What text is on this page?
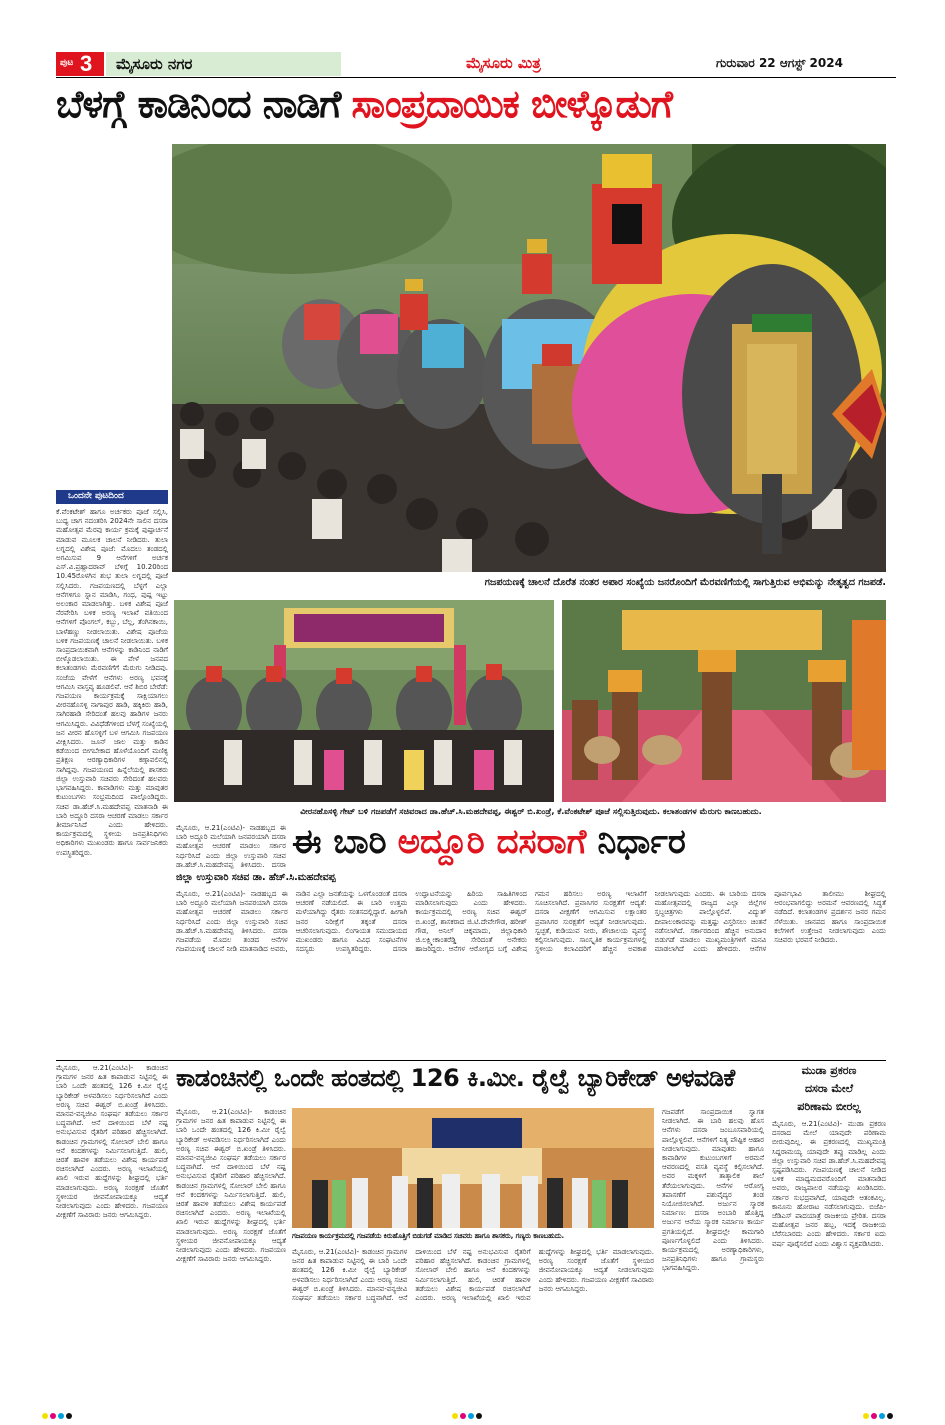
ಪುಟ 3 ಮೈಸೂರು ನಗರ	ಮೈಸೂರು ಮಿತ್ರ	ಗುರುವಾರ 22 ಆಗಸ್ಟ್ 2024
ಬೆಳಗ್ಗೆ ಕಾಡಿನಿಂದ ನಾಡಿಗೆ ಸಾಂಪ್ರದಾಯಿಕ ಬೀಳ್ಕೊಡುಗೆ
ಒಂದನೇ ಪುಟದಿಂದ
ಕೆ.ವೆಂಕಟೇಶ್ ಹಾಗೂ ಅರ್ಚಕರು ಪೂಜೆ ಸಲ್ಲಿಸಿ, ಬುಧ್ಯ ಚಾಗ ನದಂತರಿಸಿ 2024ನೇ ಸಾಲಿನ ದಸರಾ ಮಹೋತ್ಸವ ಮೆರವು ಕಾರ್ಯ ಕ್ರಮಕ್ಕೆ ಪುಷ್ಪಾರ್ಚನೆ ಮಾಡುವ ಮೂಲಕ ಚಾಲನೆ ನೀಡಿದರು. ತುಲಾ ಲಗ್ನದಲ್ಲಿ ವಿಶೇಷ ಪೂಜೆ: ಮೊದಲು ತಂಡದಲ್ಲಿ ಅಗಮಿಸುವ 9 ಆನೆಗಳಿಗೆ ಅರ್ಚಕ ಎಸ್.ವಿ.ಪ್ರಹ್ಲಾದರಾವ್ ಬೆಳಿಗ್ಗೆ 10.20ರಿಂದ 10.45ರೊಳಗಿನ ಶುಭ ತುಲಾ ಲಗ್ನದಲ್ಲಿ ಪೂಜೆ ಸಲ್ಲಿಸಿದರು. ಗಜಪಯಣದಲ್ಲಿ ಬೆಳ್ಳಗೆ ಎಲ್ಲಾ ಆನೆಗಳಿಗೂ ಸ್ನಾನ ಮಾಡಿಸಿ, ಗಂಧ, ಪುಷ್ಪ ಇಟ್ಟು ಅಲಂಕಾರ ಮಾಡಲಾಗಿತ್ತು. ಬಳಿಕ ವಿಶೇಷ ಪೂಜೆ ನೆರವೇರಿಸಿ ಬಳಿಕ ಅರಣ್ಯ ಇಲಾಖೆ ವತಿಯಿಂದ ಆನೆಗಳಿಗೆ ಪೊಂಗಲ್, ಕಬ್ಬು, ಬೆಲ್ಲ, ತೆಂಗಿನಕಾಯಿ, ಬಾಳೆಹಣ್ಣು ನೀಡಲಾಯಿತು. ವಿಶೇಷ ಪೂಜೆಯ ಬಳಿಕ ಗಜಪಯಣಕ್ಕೆ ಚಾಲನೆ ನೀಡಲಾಯಿತು. ಬಳಿಕ ಸಾಂಪ್ರದಾಯಿಕವಾಗಿ ಆನೆಗಳನ್ನು ಕಾಡಿನಿಂದ ನಾಡಿಗೆ ಬೀಳ್ಕೊಡಲಾಯಿತು. ಈ ವೇಳೆ ಜನಪದ ಕಲಾತಂಡಗಳು ಮೆರವಣಿಗೆಗೆ ಮೆರುಗು ನೀಡಿದವು. ಸಂಜೆಯ ವೇಳೆಗೆ ಆನೆಗಳು ಅರಣ್ಯ ಭವನಕ್ಕೆ ಆಗಮಿಸಿ ವಾಸ್ತವ್ಯ ಹೂಡಲಿವೆ. ಆನೆ ಶಿಬಿರ ಬೇರೆಡೆ: ಗಜಪಯಣ ಕಾರ್ಯಕ್ರಮಕ್ಕೆ ಸಾಕ್ಷಿಯಾಗಲು ವೀರನಹೊಸಳ್ಳಿ ನಾಗಾಪುರ ಹಾಡಿ, ಹಕ್ಕಿಕಿರು ಹಾಡಿ, ಸಾಗಿರಹಾಡಿ ಸೇರಿದಂತೆ ಹಲವು ಹಾಡಿಗಳ ಜನರು ಆಗಮಿಸಿದ್ದರು. ವಿವಿಧೆಡೆಗಳಿಂದ ಬೆಳಗ್ಗೆ ಸಂಖ್ಯೆಯಲ್ಲಿ ಜನ ವೀರನ ಹೊಸಳ್ಳಿಗೆ ಬಳ ಆಗಮಿಸಿ ಗಜಪಯಣ ವೀಕ್ಷಿಸಿದರು. ಜೂನ್ ಜಾಲ ಮತ್ತು ಕಾಡಿನ ಕಡೆಯಿಂದ ಬೀಗಬೇಕಾದ ಹೊಳೆಯೊಂದಿಗೆ ಮಣಿಕ್ಯ ಪ್ರತಿಕ್ಷಣ ಆರಣ್ಯಾಧಿಕಾರಿಗಳ ಕಣ್ಗಾವಲಿನಲ್ಲಿ ಸಾಗಿದ್ದವು. ಗಜಪಯಣದ ಹಿನ್ನೆಲೆಯಲ್ಲಿ ಶಾಸಕರು ಜಿಲ್ಲಾ ಉಸ್ತುವಾರಿ ಸಚಿವರು ಸೇರಿದಂತೆ ಹಲವರು ಭಾಗವಹಿಸಿದ್ದರು. ಕಾವಾಡಿಗಳು ಮತ್ತು ಮಾವುತರ ಕುಟುಂಬಗಳು ಸಂಭ್ರಮದಿಂದ ಪಾಲ್ಗೊಂಡಿದ್ದರು. ಸಚಿವ ಡಾ.ಹೆಚ್.ಸಿ.ಮಹದೇವಪ್ಪ ಮಾತನಾಡಿ ಈ ಬಾರಿ ಅದ್ದೂರಿ ದಸರಾ ಆಚರಣೆ ಮಾಡಲು ಸರ್ಕಾರ ತೀರ್ಮಾನಿಸಿದೆ ಎಂದು ಹೇಳಿದರು. ಕಾರ್ಯಕ್ರಮದಲ್ಲಿ ಸ್ಥಳೀಯ ಜನಪ್ರತಿನಿಧಿಗಳು ಅಧಿಕಾರಿಗಳು ಮುಖಂಡರು ಹಾಗೂ ಸಾರ್ವಜನಿಕರು ಉಪಸ್ಥಿತರಿದ್ದರು.
ಗಜಪಯಣಕ್ಕೆ ಚಾಲನೆ ದೊರೆತ ನಂತರ ಅಪಾರ ಸಂಖ್ಯೆಯ ಜನರೊಂದಿಗೆ ಮೆರವಣಿಗೆಯಲ್ಲಿ ಸಾಗುತ್ತಿರುವ ಅಭಿಮನ್ಯು ನೇತೃತ್ವದ ಗಜಪಡೆ.
ವೀರನಹೊಸಳ್ಳಿ ಗೇಟ್ ಬಳಿ ಗಜಪಡೆಗೆ ಸಚಿವರಾದ ಡಾ.ಹೆಚ್.ಸಿ.ಮಹದೇವಪ್ಪ, ಈಶ್ವರ್ ಬಿ.ಖಂಡ್ರೆ, ಕೆ.ವೆಂಕಟೇಶ್ ಪೂಜೆ ಸಲ್ಲಿಸುತ್ತಿರುವುದು. ಕಲಾತಂಡಗಳ ಮೆರುಗು ಕಾಣಬಹುದು.
ಈ ಬಾರಿ ಅದ್ದೂರಿ ದಸರಾಗೆ ನಿರ್ಧಾರ
ಜಿಲ್ಲಾ ಉಸ್ತುವಾರಿ ಸಚಿವ ಡಾ. ಹೆಚ್.ಸಿ.ಮಹದೇವಪ್ಪ
ಮೈಸೂರು, ಆ.21(ಎಂಟಿವಿ)- ನಾಡಹಬ್ಬದ ಈ ಬಾರಿ ಅದ್ದೂರಿ ಮಲೆಯಾಗಿ ಜನಪರಯಾಗಿ ದಸರಾ ಮಹೋತ್ಸವ ಆಚರಣೆ ಮಾಡಲು ಸರ್ಕಾರ ನಿರ್ಧರಿಸಿದೆ ಎಂದು ಜಿಲ್ಲಾ ಉಸ್ತುವಾರಿ ಸಚಿವ ಡಾ.ಹೆಚ್.ಸಿ.ಮಹದೇವಪ್ಪ ತಿಳಿಸಿದರು. ದಸರಾ
ಮೈಸೂರು, ಆ.21(ಎಂಟಿವಿ)- ನಾಡಹಬ್ಬದ ಈ ಬಾರಿ ಅದ್ದೂರಿ ಮಲೆಯಾಗಿ ಜನಪರಯಾಗಿ ದಸರಾ ಮಹೋತ್ಸವ ಆಚರಣೆ ಮಾಡಲು ಸರ್ಕಾರ ನಿರ್ಧರಿಸಿದೆ ಎಂದು ಜಿಲ್ಲಾ ಉಸ್ತುವಾರಿ ಸಚಿವ ಡಾ.ಹೆಚ್.ಸಿ.ಮಹದೇವಪ್ಪ ತಿಳಿಸಿದರು. ದಸರಾ ಗಜಪಡೆಯ ಮೊದಲ ತಂಡದ ಆನೆಗಳ ಗಜಪಯಣಕ್ಕೆ ಚಾಲನೆ ನೀಡಿ ಮಾತನಾಡಿದ ಅವರು, ನಾಡಿನ ಎಲ್ಲಾ ಜನತೆಯನ್ನು ಒಳಗೊಂಡಂತೆ ದಸರಾ ಆಚರಣೆ ನಡೆಯಲಿದೆ. ಈ ಬಾರಿ ಉತ್ತಮ ಮಳೆಯಾಗಿದ್ದು ರೈತರು ಸಂತಸದಲ್ಲಿದ್ದಾರೆ. ಹೀಗಾಗಿ ಜನರ ನಿರೀಕ್ಷೆಗೆ ತಕ್ಕಂತೆ ದಸರಾ ಆಚರಿಸಲಾಗುವುದು. ಲಿಂಗಾಯತ ಸಮುದಾಯದ ಮುಖಂಡರು ಹಾಗೂ ವಿವಿಧ ಸಂಘಟನೆಗಳ ಸದಸ್ಯರು ಉಪಸ್ಥಿತರಿದ್ದರು. ದಸರಾ ಉದ್ಘಾಟನೆಯನ್ನು ಹಿರಿಯ ಸಾಹಿತಿಗಳಿಂದ ಮಾಡಿಸಲಾಗುವುದು ಎಂದು ಹೇಳಿದರು. ಕಾರ್ಯಕ್ರಮದಲ್ಲಿ ಅರಣ್ಯ ಸಚಿವ ಈಶ್ವರ್ ಬಿ.ಖಂಡ್ರೆ, ಶಾಸಕರಾದ ಜಿ.ಟಿ.ದೇವೇಗೌಡ, ಹರೀಶ್ ಗೌಡ, ಅನಿಲ್ ಚಿಕ್ಕಮಾದು, ಜಿಲ್ಲಾಧಿಕಾರಿ ಜಿ.ಲಕ್ಷ್ಮೀಕಾಂತರೆಡ್ಡಿ ಸೇರಿದಂತೆ ಅನೇಕರು ಹಾಜರಿದ್ದರು. ಆನೆಗಳ ಆರೋಗ್ಯದ ಬಗ್ಗೆ ವಿಶೇಷ ಗಮನ ಹರಿಸಲು ಅರಣ್ಯ ಇಲಾಖೆಗೆ ಸೂಚಿಸಲಾಗಿದೆ. ಪ್ರವಾಸಿಗರ ಸುರಕ್ಷತೆಗೆ ಆದ್ಯತೆ: ದಸರಾ ವೀಕ್ಷಣೆಗೆ ಆಗಮಿಸುವ ಲಕ್ಷಾಂತರ ಪ್ರವಾಸಿಗರ ಸುರಕ್ಷತೆಗೆ ಆದ್ಯತೆ ನೀಡಲಾಗುವುದು. ಸ್ವಚ್ಛತೆ, ಕುಡಿಯುವ ನೀರು, ಶೌಚಾಲಯ ವ್ಯವಸ್ಥೆ ಕಲ್ಪಿಸಲಾಗುವುದು. ಸಾಂಸ್ಕೃತಿಕ ಕಾರ್ಯಕ್ರಮಗಳಲ್ಲಿ ಸ್ಥಳೀಯ ಕಲಾವಿದರಿಗೆ ಹೆಚ್ಚಿನ ಅವಕಾಶ ನೀಡಲಾಗುವುದು ಎಂದರು. ಈ ಬಾರಿಯ ದಸರಾ ಮಹೋತ್ಸವದಲ್ಲಿ ರಾಜ್ಯದ ಎಲ್ಲಾ ಜಿಲ್ಲೆಗಳ ಸ್ತಬ್ಧಚಿತ್ರಗಳು ಪಾಲ್ಗೊಳ್ಳಲಿವೆ. ವಿದ್ಯುತ್ ದೀಪಾಲಂಕಾರವನ್ನು ಮತ್ತಷ್ಟು ವಿಸ್ತರಿಸಲು ಚಿಂತನೆ ನಡೆಸಲಾಗಿದೆ. ಸರ್ಕಾರದಿಂದ ಹೆಚ್ಚಿನ ಅನುದಾನ ಬಿಡುಗಡೆ ಮಾಡಲು ಮುಖ್ಯಮಂತ್ರಿಗಳಿಗೆ ಮನವಿ ಮಾಡಲಾಗಿದೆ ಎಂದು ಹೇಳಿದರು. ಆನೆಗಳ ಪೂರ್ವಭಾವಿ ತಾಲೀಮು ಶೀಘ್ರದಲ್ಲಿ ಆರಂಭವಾಗಲಿದ್ದು ಅರಮನೆ ಆವರಣದಲ್ಲಿ ಸಿದ್ಧತೆ ನಡೆದಿದೆ. ಕಲಾತಂಡಗಳ ಪ್ರದರ್ಶನ ಜನರ ಗಮನ ಸೆಳೆಯಿತು. ಜಾನಪದ ಹಾಗೂ ಸಾಂಪ್ರದಾಯಿಕ ಕಲೆಗಳಿಗೆ ಉತ್ತೇಜನ ನೀಡಲಾಗುವುದು ಎಂದು ಸಚಿವರು ಭರವಸೆ ನೀಡಿದರು.
ಕಾಡಂಚಿನಲ್ಲಿ ಒಂದೇ ಹಂತದಲ್ಲಿ 126 ಕಿ.ಮೀ. ರೈಲ್ವೆ ಬ್ಯಾರಿಕೇಡ್ ಅಳವಡಿಕೆ
ಮೈಸೂರು, ಆ.21(ಎಂಟಿವಿ)- ಕಾಡಂಚಿನ ಗ್ರಾಮಗಳ ಜನರ ಹಿತ ಕಾಪಾಡುವ ನಿಟ್ಟಿನಲ್ಲಿ ಈ ಬಾರಿ ಒಂದೇ ಹಂತದಲ್ಲಿ 126 ಕಿ.ಮೀ ರೈಲ್ವೆ ಬ್ಯಾರಿಕೇಡ್ ಅಳವಡಿಸಲು ನಿರ್ಧರಿಸಲಾಗಿದೆ ಎಂದು ಅರಣ್ಯ ಸಚಿವ ಈಶ್ವರ್ ಬಿ.ಖಂಡ್ರೆ ತಿಳಿಸಿದರು. ಮಾನವ-ವನ್ಯಜೀವಿ ಸಂಘರ್ಷ ತಡೆಯಲು ಸರ್ಕಾರ ಬದ್ಧವಾಗಿದೆ. ಆನೆ ದಾಳಿಯಿಂದ ಬೆಳೆ ನಷ್ಟ ಅನುಭವಿಸುವ ರೈತರಿಗೆ ಪರಿಹಾರ ಹೆಚ್ಚಿಸಲಾಗಿದೆ. ಕಾಡಂಚಿನ ಗ್ರಾಮಗಳಲ್ಲಿ ಸೋಲಾರ್ ಬೇಲಿ ಹಾಗೂ ಆನೆ ಕಂದಕಗಳನ್ನು ನಿರ್ಮಿಸಲಾಗುತ್ತಿದೆ. ಹುಲಿ, ಚಿರತೆ ಹಾವಳಿ ತಡೆಯಲು ವಿಶೇಷ ಕಾರ್ಯಪಡೆ ರಚಿಸಲಾಗಿದೆ ಎಂದರು. ಅರಣ್ಯ ಇಲಾಖೆಯಲ್ಲಿ ಖಾಲಿ ಇರುವ ಹುದ್ದೆಗಳನ್ನು ಶೀಘ್ರದಲ್ಲಿ ಭರ್ತಿ ಮಾಡಲಾಗುವುದು. ಅರಣ್ಯ ಸಂರಕ್ಷಣೆ ಜೊತೆಗೆ ಸ್ಥಳೀಯರ ಜೀವನೋಪಾಯಕ್ಕೂ ಆದ್ಯತೆ ನೀಡಲಾಗುವುದು ಎಂದು ಹೇಳಿದರು. ಗಜಪಯಣ ವೀಕ್ಷಣೆಗೆ ಸಾವಿರಾರು ಜನರು ಆಗಮಿಸಿದ್ದರು.
ಮೈಸೂರು, ಆ.21(ಎಂಟಿವಿ)- ಕಾಡಂಚಿನ ಗ್ರಾಮಗಳ ಜನರ ಹಿತ ಕಾಪಾಡುವ ನಿಟ್ಟಿನಲ್ಲಿ ಈ ಬಾರಿ ಒಂದೇ ಹಂತದಲ್ಲಿ 126 ಕಿ.ಮೀ ರೈಲ್ವೆ ಬ್ಯಾರಿಕೇಡ್ ಅಳವಡಿಸಲು ನಿರ್ಧರಿಸಲಾಗಿದೆ ಎಂದು ಅರಣ್ಯ ಸಚಿವ ಈಶ್ವರ್ ಬಿ.ಖಂಡ್ರೆ ತಿಳಿಸಿದರು. ಮಾನವ-ವನ್ಯಜೀವಿ ಸಂಘರ್ಷ ತಡೆಯಲು ಸರ್ಕಾರ ಬದ್ಧವಾಗಿದೆ. ಆನೆ ದಾಳಿಯಿಂದ ಬೆಳೆ ನಷ್ಟ ಅನುಭವಿಸುವ ರೈತರಿಗೆ ಪರಿಹಾರ ಹೆಚ್ಚಿಸಲಾಗಿದೆ. ಕಾಡಂಚಿನ ಗ್ರಾಮಗಳಲ್ಲಿ ಸೋಲಾರ್ ಬೇಲಿ ಹಾಗೂ ಆನೆ ಕಂದಕಗಳನ್ನು ನಿರ್ಮಿಸಲಾಗುತ್ತಿದೆ. ಹುಲಿ, ಚಿರತೆ ಹಾವಳಿ ತಡೆಯಲು ವಿಶೇಷ ಕಾರ್ಯಪಡೆ ರಚಿಸಲಾಗಿದೆ ಎಂದರು. ಅರಣ್ಯ ಇಲಾಖೆಯಲ್ಲಿ ಖಾಲಿ ಇರುವ ಹುದ್ದೆಗಳನ್ನು ಶೀಘ್ರದಲ್ಲಿ ಭರ್ತಿ ಮಾಡಲಾಗುವುದು. ಅರಣ್ಯ ಸಂರಕ್ಷಣೆ ಜೊತೆಗೆ ಸ್ಥಳೀಯರ ಜೀವನೋಪಾಯಕ್ಕೂ ಆದ್ಯತೆ ನೀಡಲಾಗುವುದು ಎಂದು ಹೇಳಿದರು. ಗಜಪಯಣ ವೀಕ್ಷಣೆಗೆ ಸಾವಿರಾರು ಜನರು ಆಗಮಿಸಿದ್ದರು.
ಗಜಪಯಣ ಕಾರ್ಯಕ್ರಮದಲ್ಲಿ ಗಜಪಡೆಯ ಕಿರುಹೊತ್ತಿಗೆ ಬಿಡುಗಡೆ ಮಾಡಿದ ಸಚಿವರು ಹಾಗೂ ಶಾಸಕರು, ಗಣ್ಯರು ಕಾಣಬಹುದು.
ಮೈಸೂರು, ಆ.21(ಎಂಟಿವಿ)- ಕಾಡಂಚಿನ ಗ್ರಾಮಗಳ ಜನರ ಹಿತ ಕಾಪಾಡುವ ನಿಟ್ಟಿನಲ್ಲಿ ಈ ಬಾರಿ ಒಂದೇ ಹಂತದಲ್ಲಿ 126 ಕಿ.ಮೀ ರೈಲ್ವೆ ಬ್ಯಾರಿಕೇಡ್ ಅಳವಡಿಸಲು ನಿರ್ಧರಿಸಲಾಗಿದೆ ಎಂದು ಅರಣ್ಯ ಸಚಿವ ಈಶ್ವರ್ ಬಿ.ಖಂಡ್ರೆ ತಿಳಿಸಿದರು. ಮಾನವ-ವನ್ಯಜೀವಿ ಸಂಘರ್ಷ ತಡೆಯಲು ಸರ್ಕಾರ ಬದ್ಧವಾಗಿದೆ. ಆನೆ ದಾಳಿಯಿಂದ ಬೆಳೆ ನಷ್ಟ ಅನುಭವಿಸುವ ರೈತರಿಗೆ ಪರಿಹಾರ ಹೆಚ್ಚಿಸಲಾಗಿದೆ. ಕಾಡಂಚಿನ ಗ್ರಾಮಗಳಲ್ಲಿ ಸೋಲಾರ್ ಬೇಲಿ ಹಾಗೂ ಆನೆ ಕಂದಕಗಳನ್ನು ನಿರ್ಮಿಸಲಾಗುತ್ತಿದೆ. ಹುಲಿ, ಚಿರತೆ ಹಾವಳಿ ತಡೆಯಲು ವಿಶೇಷ ಕಾರ್ಯಪಡೆ ರಚಿಸಲಾಗಿದೆ ಎಂದರು. ಅರಣ್ಯ ಇಲಾಖೆಯಲ್ಲಿ ಖಾಲಿ ಇರುವ ಹುದ್ದೆಗಳನ್ನು ಶೀಘ್ರದಲ್ಲಿ ಭರ್ತಿ ಮಾಡಲಾಗುವುದು. ಅರಣ್ಯ ಸಂರಕ್ಷಣೆ ಜೊತೆಗೆ ಸ್ಥಳೀಯರ ಜೀವನೋಪಾಯಕ್ಕೂ ಆದ್ಯತೆ ನೀಡಲಾಗುವುದು ಎಂದು ಹೇಳಿದರು. ಗಜಪಯಣ ವೀಕ್ಷಣೆಗೆ ಸಾವಿರಾರು ಜನರು ಆಗಮಿಸಿದ್ದರು.
ಗಜಪಡೆಗೆ ಸಾಂಪ್ರದಾಯಿಕ ಸ್ವಾಗತ ನೀಡಲಾಗಿದೆ. ಈ ಬಾರಿ ಹಲವು ಹೊಸ ಆನೆಗಳು ದಸರಾ ಜಂಬೂಸವಾರಿಯಲ್ಲಿ ಪಾಲ್ಗೊಳ್ಳಲಿವೆ. ಆನೆಗಳಿಗೆ ನಿತ್ಯ ಪೌಷ್ಟಿಕ ಆಹಾರ ನೀಡಲಾಗುವುದು. ಮಾವುತರು ಹಾಗೂ ಕಾವಾಡಿಗಳ ಕುಟುಂಬಗಳಿಗೆ ಅರಮನೆ ಆವರಣದಲ್ಲಿ ವಸತಿ ವ್ಯವಸ್ಥೆ ಕಲ್ಪಿಸಲಾಗಿದೆ. ಅವರ ಮಕ್ಕಳಿಗೆ ತಾತ್ಕಾಲಿಕ ಶಾಲೆ ತೆರೆಯಲಾಗುವುದು. ಆನೆಗಳ ಆರೋಗ್ಯ ತಪಾಸಣೆಗೆ ಪಶುವೈದ್ಯರ ತಂಡ ನಿಯೋಜಿಸಲಾಗಿದೆ. ಅರ್ಜುನ ಸ್ಮಾರಕ ನಿರ್ಮಾಣ: ದಸರಾ ಅಂಬಾರಿ ಹೊತ್ತಿದ್ದ ಅರ್ಜುನ ಆನೆಯ ಸ್ಮಾರಕ ನಿರ್ಮಾಣ ಕಾರ್ಯ ಪ್ರಗತಿಯಲ್ಲಿದೆ. ಶೀಘ್ರದಲ್ಲೇ ಕಾಮಗಾರಿ ಪೂರ್ಣಗೊಳ್ಳಲಿದೆ ಎಂದು ತಿಳಿಸಿದರು. ಕಾರ್ಯಕ್ರಮದಲ್ಲಿ ಅರಣ್ಯಾಧಿಕಾರಿಗಳು, ಜನಪ್ರತಿನಿಧಿಗಳು ಹಾಗೂ ಗ್ರಾಮಸ್ಥರು ಭಾಗವಹಿಸಿದ್ದರು.
ಮುಡಾ ಪ್ರಕರಣ
ದಸರಾ ಮೇಲೆ
ಪರಿಣಾಮ ಬೀರಲ್ಲ
ಮೈಸೂರು, ಆ.21(ಎಂಟಿವಿ)- ಮುಡಾ ಪ್ರಕರಣ ದಸರಾದ ಮೇಲೆ ಯಾವುದೇ ಪರಿಣಾಮ ಬೀರುವುದಿಲ್ಲ. ಈ ಪ್ರಕರಣದಲ್ಲಿ ಮುಖ್ಯಮಂತ್ರಿ ಸಿದ್ದರಾಮಯ್ಯ ಯಾವುದೇ ತಪ್ಪು ಮಾಡಿಲ್ಲ ಎಂದು ಜಿಲ್ಲಾ ಉಸ್ತುವಾರಿ ಸಚಿವ ಡಾ.ಹೆಚ್.ಸಿ.ಮಹದೇವಪ್ಪ ಸ್ಪಷ್ಟಪಡಿಸಿದರು. ಗಜಪಯಣಕ್ಕೆ ಚಾಲನೆ ನೀಡಿದ ಬಳಿಕ ಮಾಧ್ಯಮದವರೊಂದಿಗೆ ಮಾತನಾಡಿದ ಅವರು, ರಾಜ್ಯಪಾಲರ ನಡೆಯನ್ನು ಖಂಡಿಸಿದರು. ಸರ್ಕಾರ ಸುಭದ್ರವಾಗಿದೆ, ಯಾವುದೇ ಆತಂಕವಿಲ್ಲ. ಕಾನೂನು ಹೋರಾಟ ನಡೆಸಲಾಗುವುದು. ಬಿಜೆಪಿ-ಜೆಡಿಎಸ್ ಪಾದಯಾತ್ರೆ ರಾಜಕೀಯ ಪ್ರೇರಿತ. ದಸರಾ ಮಹೋತ್ಸವ ಜನರ ಹಬ್ಬ, ಇದಕ್ಕೆ ರಾಜಕೀಯ ಬೆರೆಸಬಾರದು ಎಂದು ಹೇಳಿದರು. ಸರ್ಕಾರ ಐದು ವರ್ಷ ಪೂರೈಸಲಿದೆ ಎಂದು ವಿಶ್ವಾಸ ವ್ಯಕ್ತಪಡಿಸಿದರು.
